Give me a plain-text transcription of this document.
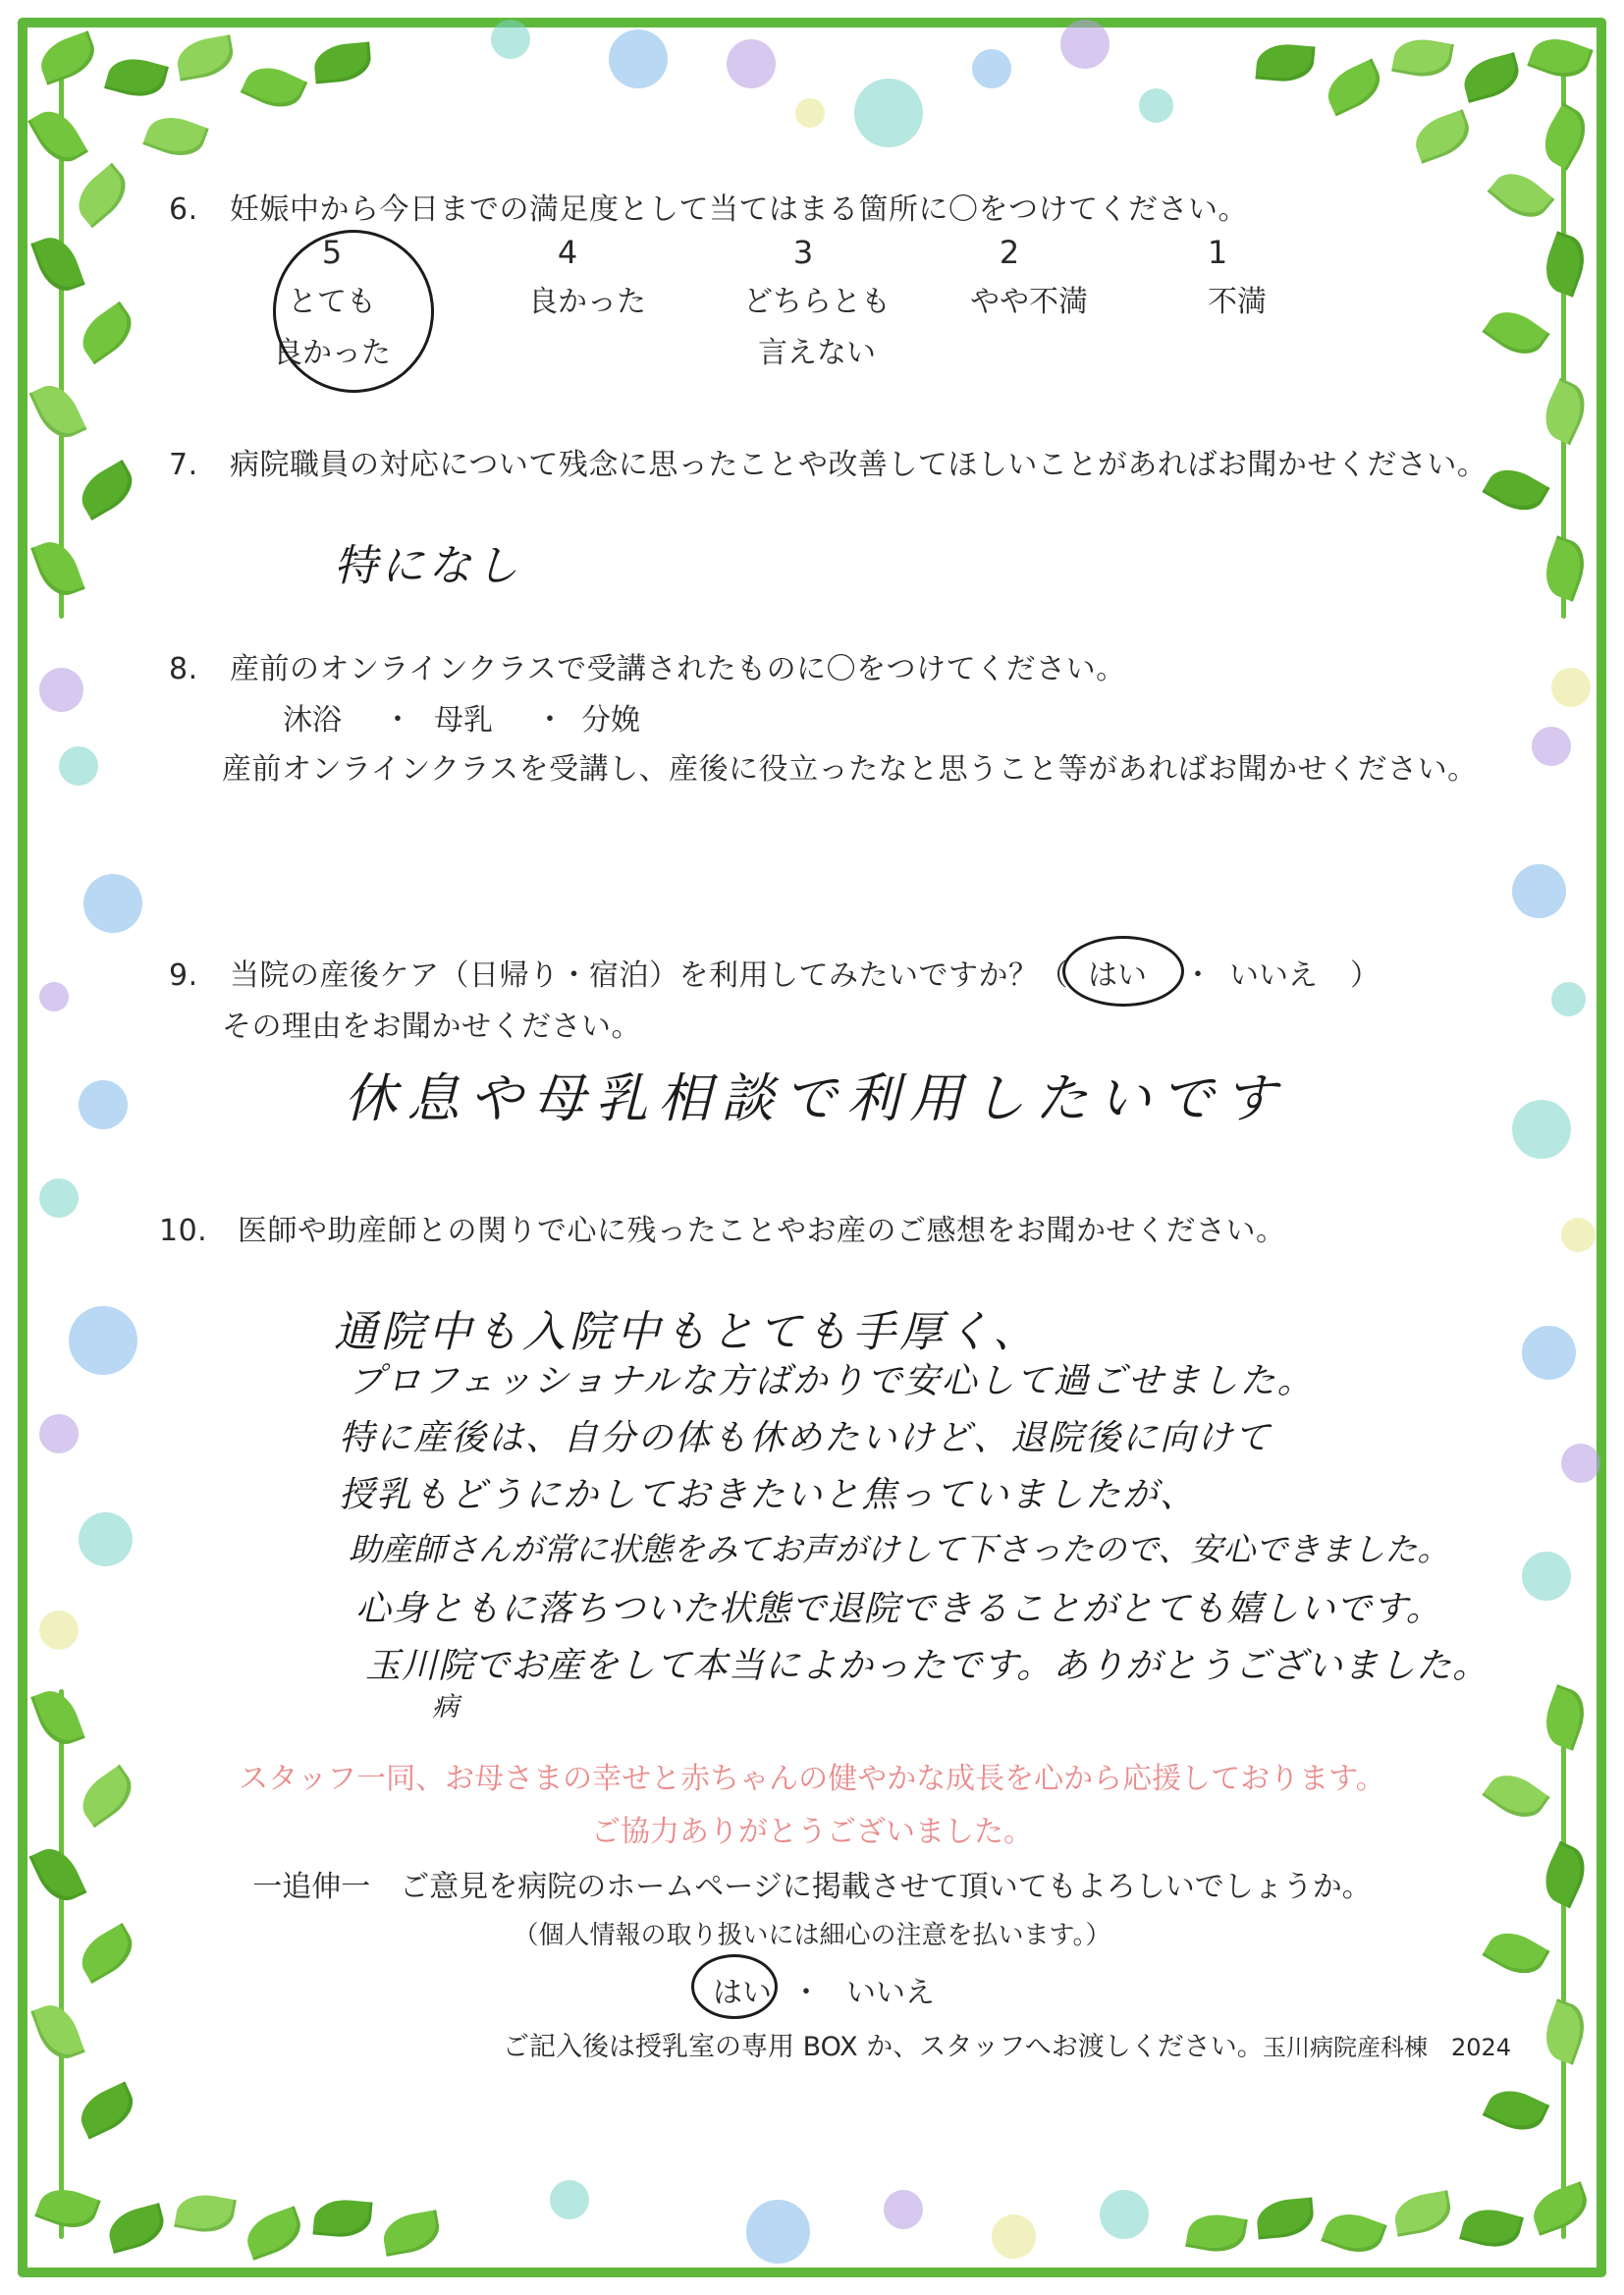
6. 妊娠中から今日までの満足度として当てはまる箇所に〇をつけてください。
5
とても
良かった
4
良かった
3
どちらとも
言えない
2
やや不満
1
不満
7. 病院職員の対応について残念に思ったことや改善してほしいことがあればお聞かせください。
特になし
8. 産前のオンラインクラスで受講されたものに〇をつけてください。
沐浴 ・ 母乳 ・ 分娩
産前オンラインクラスを受講し、産後に役立ったなと思うこと等があればお聞かせください。
9. 当院の産後ケア（日帰り・宿泊）を利用してみたいですか？（ はい ・ いいえ ）
その理由をお聞かせください。
休息や母乳相談で利用したいです
10. 医師や助産師との関りで心に残ったことやお産のご感想をお聞かせください。
通院中も入院中もとても手厚く、
プロフェッショナルな方ばかりで安心して過ごせました。
特に産後は、自分の体も休めたいけど、退院後に向けて
授乳もどうにかしておきたいと焦っていましたが、
助産師さんが常に状態をみてお声がけして下さったので、安心できました。
心身ともに落ちついた状態で退院できることがとても嬉しいです。
玉川院でお産をして本当によかったです。ありがとうございました。
病
スタッフ一同、お母さまの幸せと赤ちゃんの健やかな成長を心から応援しております。
ご協力ありがとうございました。
一追伸一　ご意見を病院のホームページに掲載させて頂いてもよろしいでしょうか。
（個人情報の取り扱いには細心の注意を払います。）
はい ・ いいえ
ご記入後は授乳室の専用 BOX か、スタッフへお渡しください。 玉川病院産科棟　2024
